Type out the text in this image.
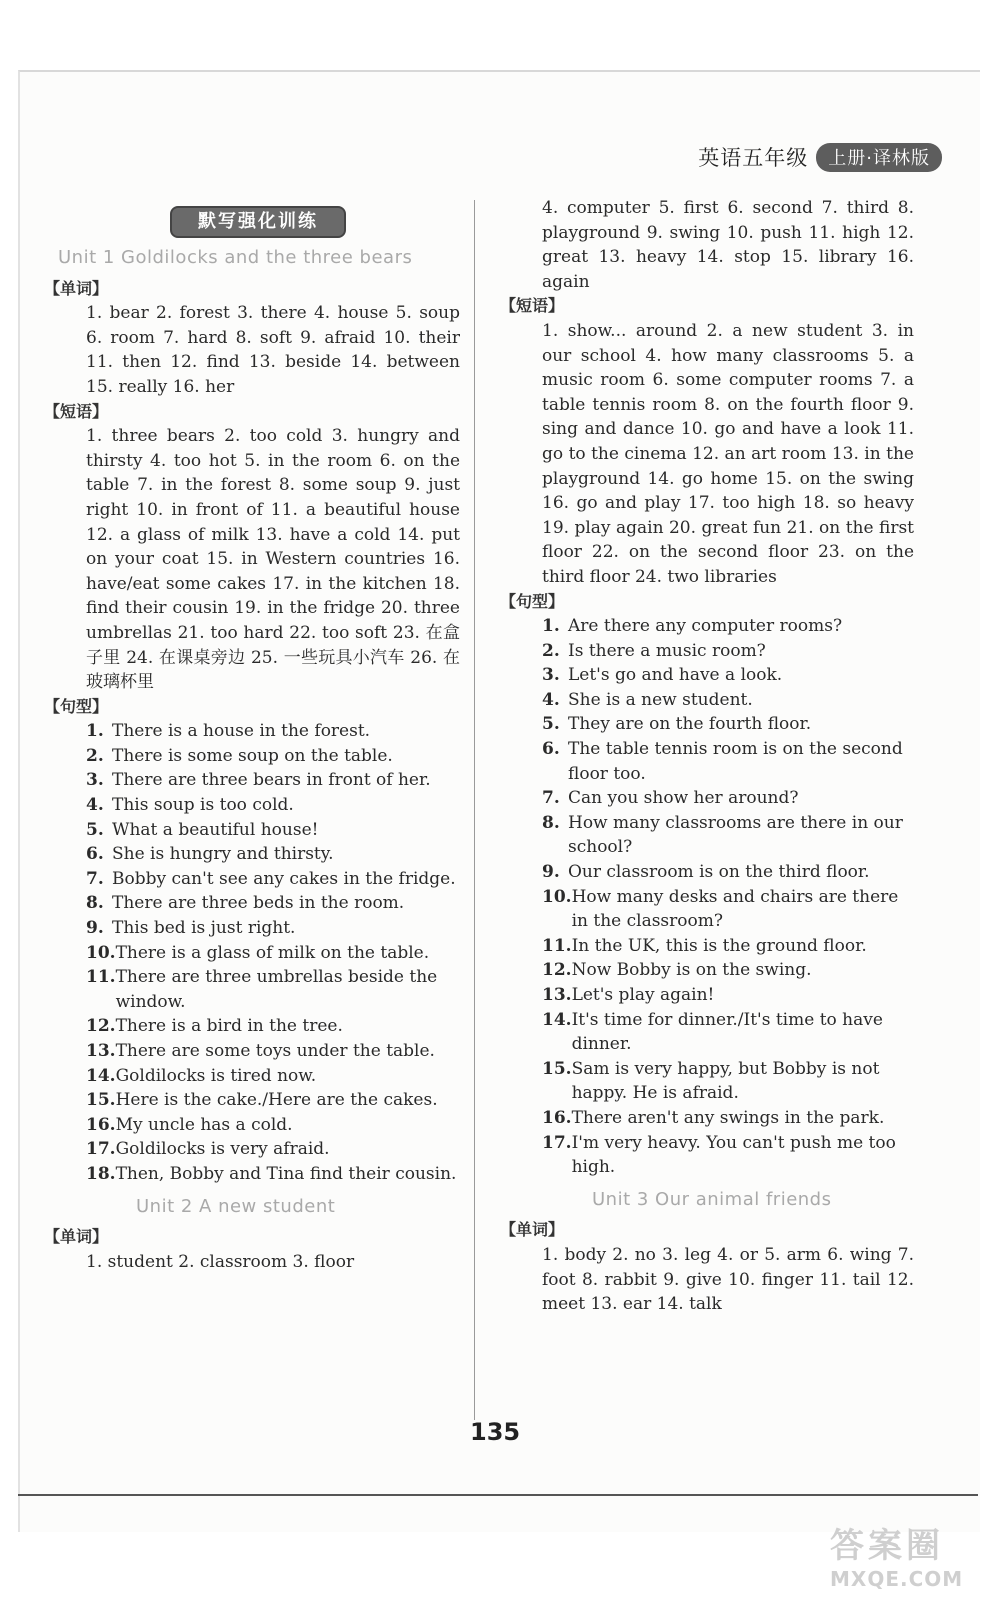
英语五年级	上册·译林版
默写强化训练
Unit 1 Goldilocks and the three bears
【单词】
1. bear 2. forest 3. there 4. house 5. soup 6. room 7. hard 8. soft 9. afraid 10. their 11. then 12. find 13. beside 14. between 15. really 16. her
【短语】
1. three bears 2. too cold 3. hungry and thirsty 4. too hot 5. in the room 6. on the table 7. in the forest 8. some soup 9. just right 10. in front of 11. a beautiful house 12. a glass of milk 13. have a cold 14. put on your coat 15. in Western countries 16. have/eat some cakes 17. in the kitchen 18. find their cousin 19. in the fridge 20. three umbrellas 21. too hard 22. too soft 23. 在盒子里 24. 在课桌旁边 25. 一些玩具小汽车 26. 在玻璃杯里
【句型】
1. There is a house in the forest.
2. There is some soup on the table.
3. There are three bears in front of her.
4. This soup is too cold.
5. What a beautiful house!
6. She is hungry and thirsty.
7. Bobby can't see any cakes in the fridge.
8. There are three beds in the room.
9. This bed is just right.
10. There is a glass of milk on the table.
11. There are three umbrellas beside the window.
12. There is a bird in the tree.
13. There are some toys under the table.
14. Goldilocks is tired now.
15. Here is the cake./Here are the cakes.
16. My uncle has a cold.
17. Goldilocks is very afraid.
18. Then, Bobby and Tina find their cousin.
Unit 2 A new student
【单词】
1. student 2. classroom 3. floor
4. computer 5. first 6. second 7. third 8. playground 9. swing 10. push 11. high 12. great 13. heavy 14. stop 15. library 16. again
【短语】
1. show... around 2. a new student 3. in our school 4. how many classrooms 5. a music room 6. some computer rooms 7. a table tennis room 8. on the fourth floor 9. sing and dance 10. go and have a look 11. go to the cinema 12. an art room 13. in the playground 14. go home 15. on the swing 16. go and play 17. too high 18. so heavy 19. play again 20. great fun 21. on the first floor 22. on the second floor 23. on the third floor 24. two libraries
【句型】
1. Are there any computer rooms?
2. Is there a music room?
3. Let's go and have a look.
4. She is a new student.
5. They are on the fourth floor.
6. The table tennis room is on the second floor too.
7. Can you show her around?
8. How many classrooms are there in our school?
9. Our classroom is on the third floor.
10. How many desks and chairs are there in the classroom?
11. In the UK, this is the ground floor.
12. Now Bobby is on the swing.
13. Let's play again!
14. It's time for dinner./It's time to have dinner.
15. Sam is very happy, but Bobby is not happy. He is afraid.
16. There aren't any swings in the park.
17. I'm very heavy. You can't push me too high.
Unit 3 Our animal friends
【单词】
1. body 2. no 3. leg 4. or 5. arm 6. wing 7. foot 8. rabbit 9. give 10. finger 11. tail 12. meet 13. ear 14. talk
135
答案圈
MXQE.COM
